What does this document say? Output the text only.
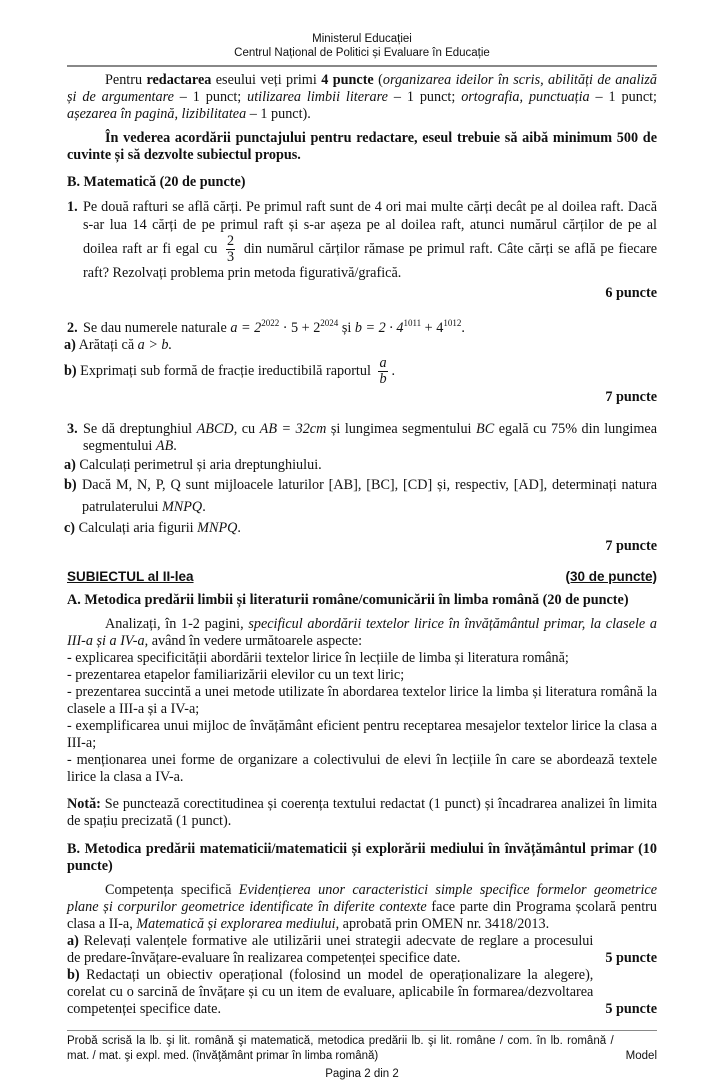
Ministerul Educației
Centrul Național de Politici și Evaluare în Educație
Pentru redactarea eseului veți primi 4 puncte (organizarea ideilor în scris, abilități de analiză și de argumentare – 1 punct; utilizarea limbii literare – 1 punct; ortografia, punctuația – 1 punct; așezarea în pagină, lizibilitatea – 1 punct).
În vederea acordării punctajului pentru redactare, eseul trebuie să aibă minimum 500 de cuvinte și să dezvolte subiectul propus.
B. Matematică (20 de puncte)
1. Pe două rafturi se află cărți. Pe primul raft sunt de 4 ori mai multe cărți decât pe al doilea raft. Dacă s-ar lua 14 cărți de pe primul raft și s-ar așeza pe al doilea raft, atunci numărul cărților de pe al doilea raft ar fi egal cu $\frac{2}{3}$ din numărul cărților rămase pe primul raft. Câte cărți se află pe fiecare raft? Rezolvați problema prin metoda figurativă/grafică.
6 puncte
2. Se dau numerele naturale $a = 2^{2022} \cdot 5 + 2^{2024}$ și $b = 2 \cdot 4^{1011} + 4^{1012}$.
a) Arătați că a > b.
b) Exprimați sub formă de fracție ireductibilă raportul $\frac{a}{b}$ .
7 puncte
3. Se dă dreptunghiul ABCD, cu AB = 32cm și lungimea segmentului BC egală cu 75% din lungimea segmentului AB.
a) Calculați perimetrul și aria dreptunghiului.
b) Dacă M, N, P, Q sunt mijloacele laturilor [AB], [BC], [CD] și, respectiv, [AD], determinați natura patrulaterului MNPQ.
c) Calculați aria figurii MNPQ.
7 puncte
SUBIECTUL al II-lea	(30 de puncte)
A. Metodica predării limbii și literaturii române/comunicării în limba română (20 de puncte)
Analizați, în 1-2 pagini, specificul abordării textelor lirice în învățământul primar, la clasele a III-a și a IV-a, având în vedere următoarele aspecte:
- explicarea specificității abordării textelor lirice în lecțiile de limba și literatura română;
- prezentarea etapelor familiarizării elevilor cu un text liric;
- prezentarea succintă a unei metode utilizate în abordarea textelor lirice la limba și literatura română la clasele a III-a și a IV-a;
- exemplificarea unui mijloc de învățământ eficient pentru receptarea mesajelor textelor lirice la clasa a III-a;
- menționarea unei forme de organizare a colectivului de elevi în lecțiile în care se abordează textele lirice la clasa a IV-a.
Notă: Se punctează corectitudinea și coerența textului redactat (1 punct) și încadrarea analizei în limita de spațiu precizată (1 punct).
B. Metodica predării matematicii/matematicii și explorării mediului în învățământul primar (10 puncte)
Competența specifică Evidențierea unor caracteristici simple specifice formelor geometrice plane și corpurilor geometrice identificate în diferite contexte face parte din Programa școlară pentru clasa a II-a, Matematică și explorarea mediului, aprobată prin OMEN nr. 3418/2013.
a) Relevați valențele formative ale utilizării unei strategii adecvate de reglare a procesului de predare-învățare-evaluare în realizarea competenței specifice date.	5 puncte
b) Redactați un obiectiv operațional (folosind un model de operaționalizare la alegere), corelat cu o sarcină de învățare și cu un item de evaluare, aplicabile în formarea/dezvoltarea competenței specifice date.	5 puncte
Probă scrisă la lb. şi lit. română şi matematică, metodica predării lb. şi lit. române / com. în lb. română / mat. / mat. şi expl. med. (învăţământ primar în limba română)	Model
Pagina 2 din 2
